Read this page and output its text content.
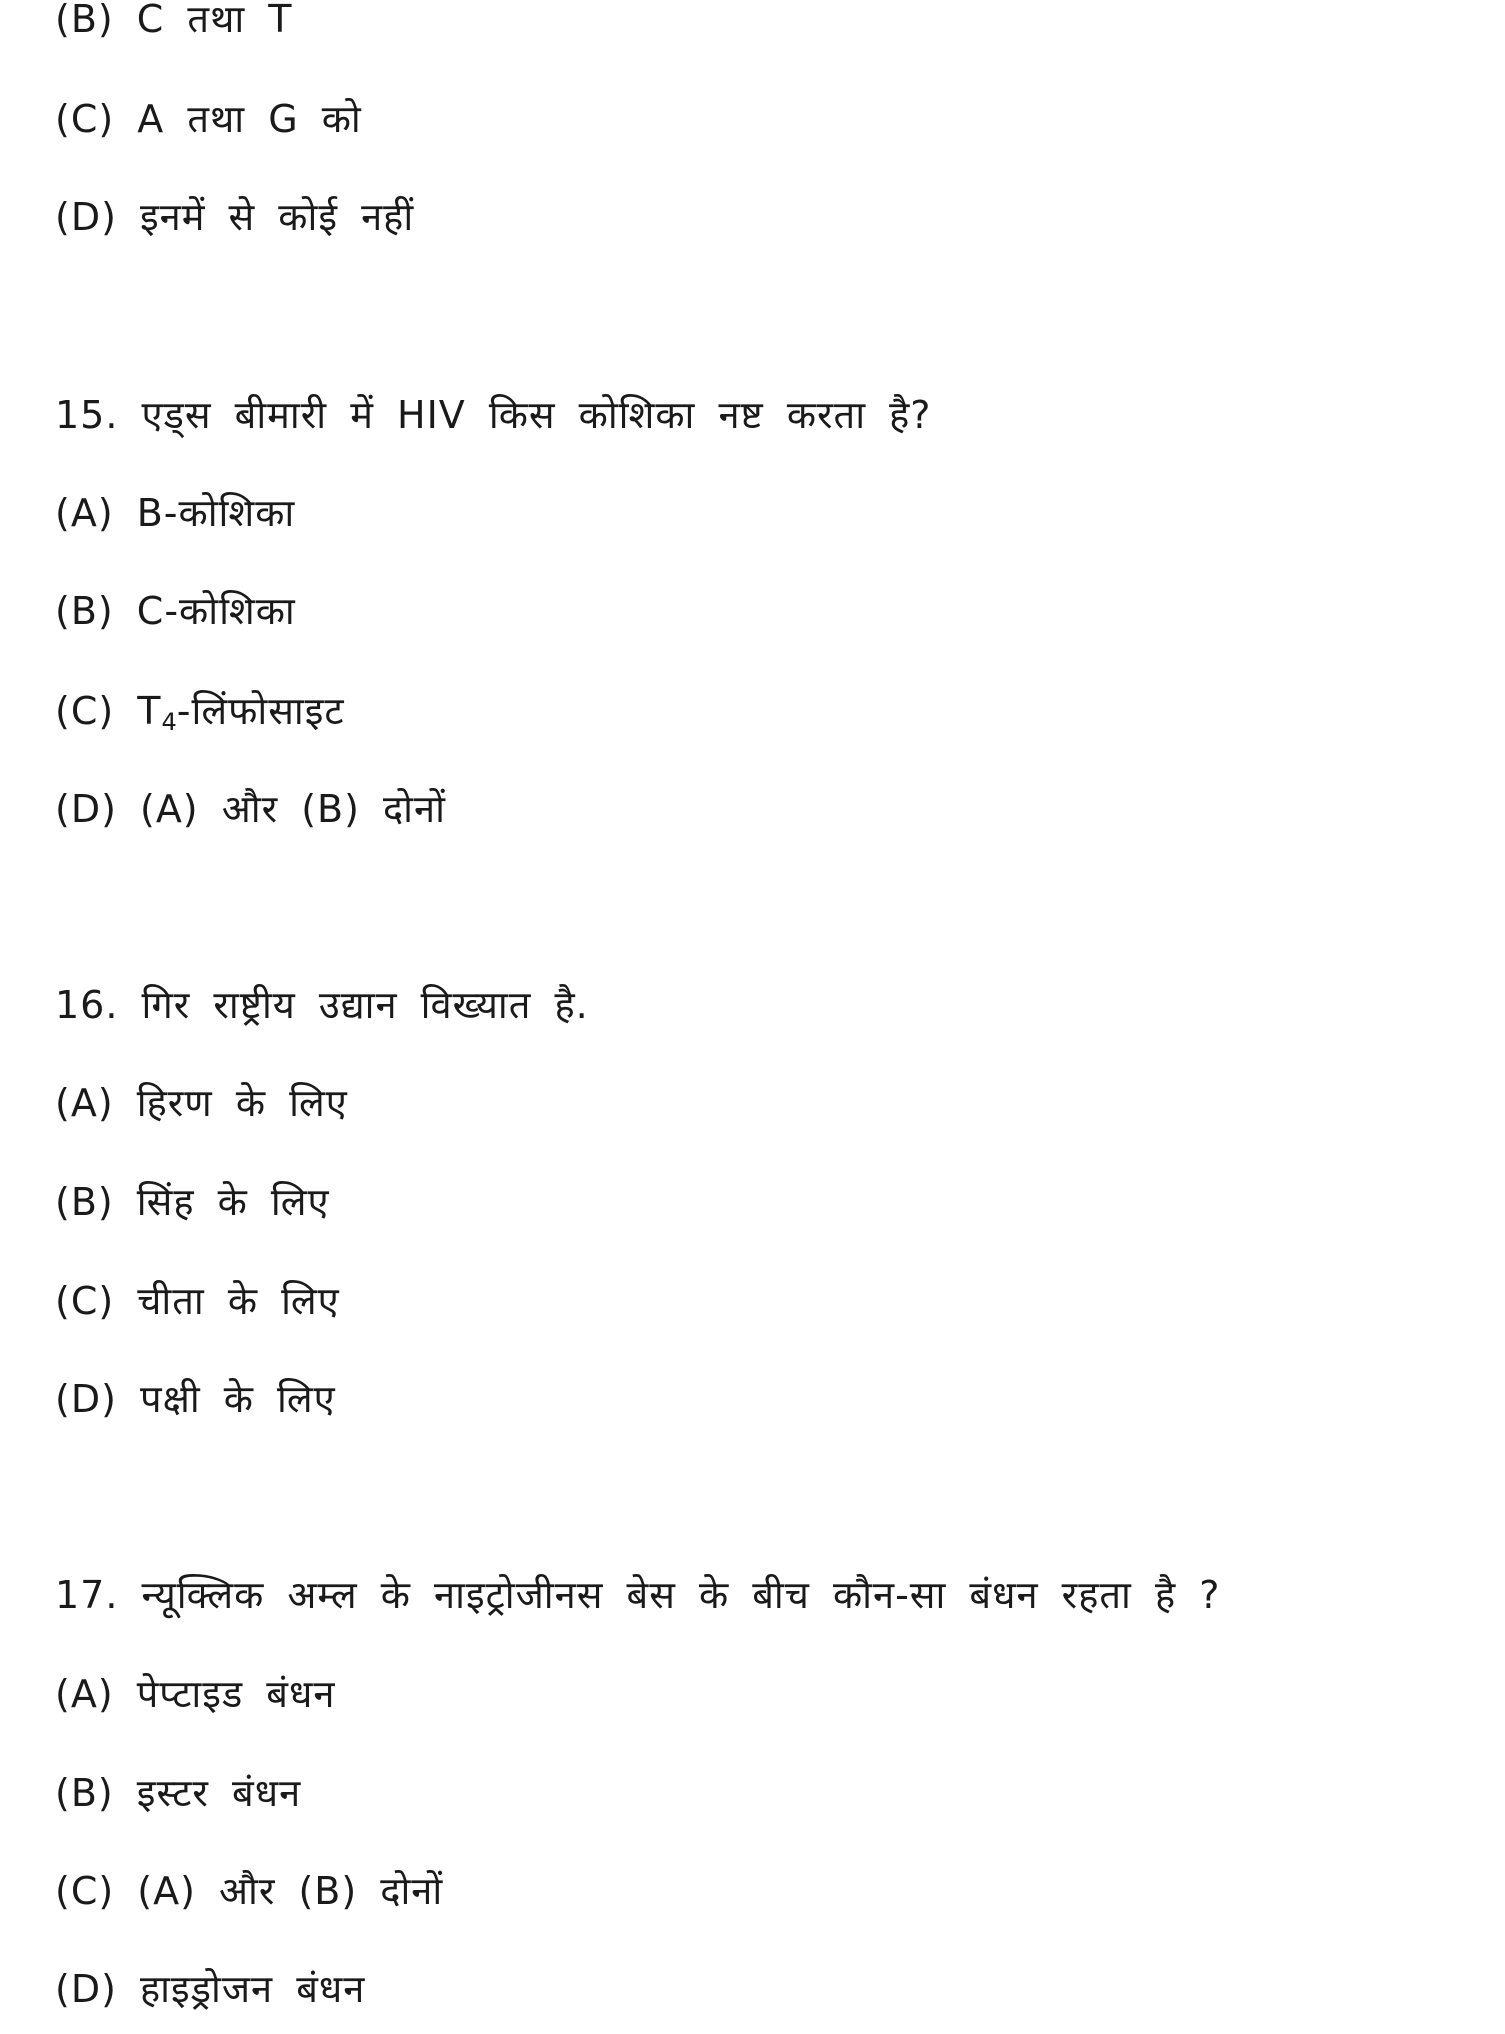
(B) C तथा T
(C) A तथा G को
(D) इनमें से कोई नहीं
15. एड्स बीमारी में HIV किस कोशिका नष्ट करता है?
(A) B-कोशिका
(B) C-कोशिका
(C) $T_4-लिंफोसाइट$
(D) (A) और (B) दोनों
16. गिर राष्ट्रीय उद्यान विख्यात है.
(A) हिरण के लिए
(B) सिंह के लिए
(C) चीता के लिए
(D) पक्षी के लिए
17. न्यूक्लिक अम्ल के नाइट्रोजीनस बेस के बीच कौन-सा बंधन रहता है ?
(A) पेप्टाइड बंधन
(B) इस्टर बंधन
(C) (A) और (B) दोनों
(D) हाइड्रोजन बंधन
